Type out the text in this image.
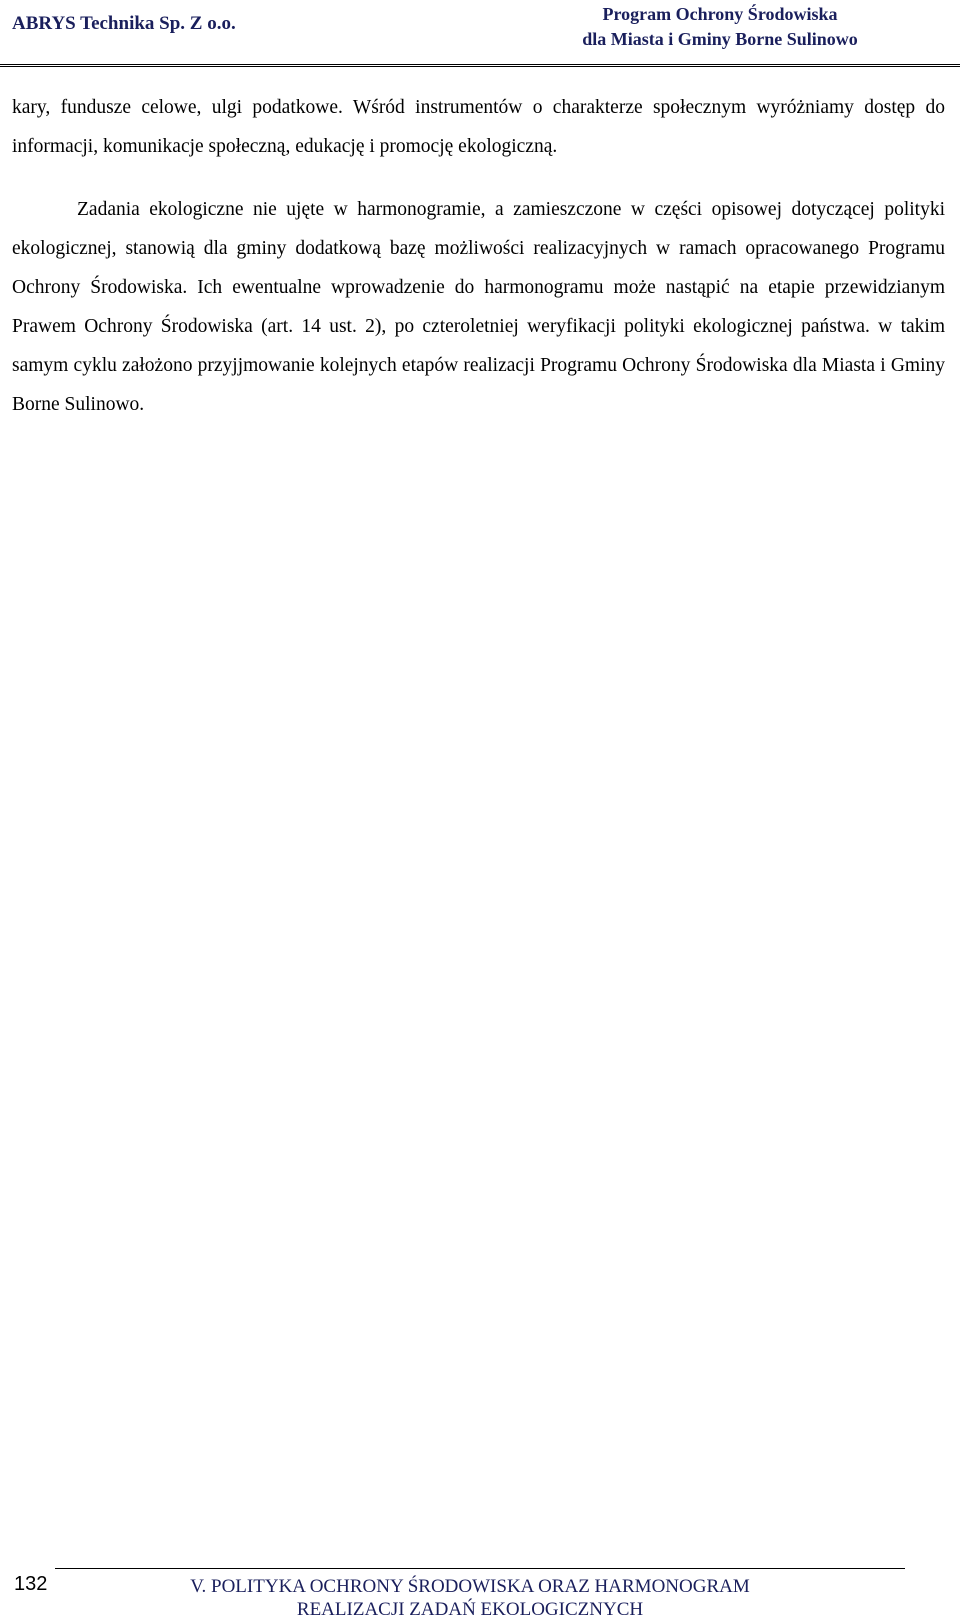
ABRYS Technika Sp. Z o.o.	Program Ochrony Środowiska
dla Miasta i Gminy Borne Sulinowo

kary, fundusze celowe, ulgi podatkowe. Wśród instrumentów o charakterze społecznym wyróżniamy dostęp do informacji, komunikacje społeczną, edukację i promocję ekologiczną.

Zadania ekologiczne nie ujęte w harmonogramie, a zamieszczone w części opisowej dotyczącej polityki ekologicznej, stanowią dla gminy dodatkową bazę możliwości realizacyjnych w ramach opracowanego Programu Ochrony Środowiska. Ich ewentualne wprowadzenie do harmonogramu może nastąpić na etapie przewidzianym Prawem Ochrony Środowiska (art. 14 ust. 2), po czteroletniej weryfikacji polityki ekologicznej państwa. w takim samym cyklu założono przyjjmowanie kolejnych etapów realizacji Programu Ochrony Środowiska dla Miasta i Gminy Borne Sulinowo.

132	V. POLITYKA OCHRONY ŚRODOWISKA ORAZ HARMONOGRAM
REALIZACJI ZADAŃ EKOLOGICZNYCH
